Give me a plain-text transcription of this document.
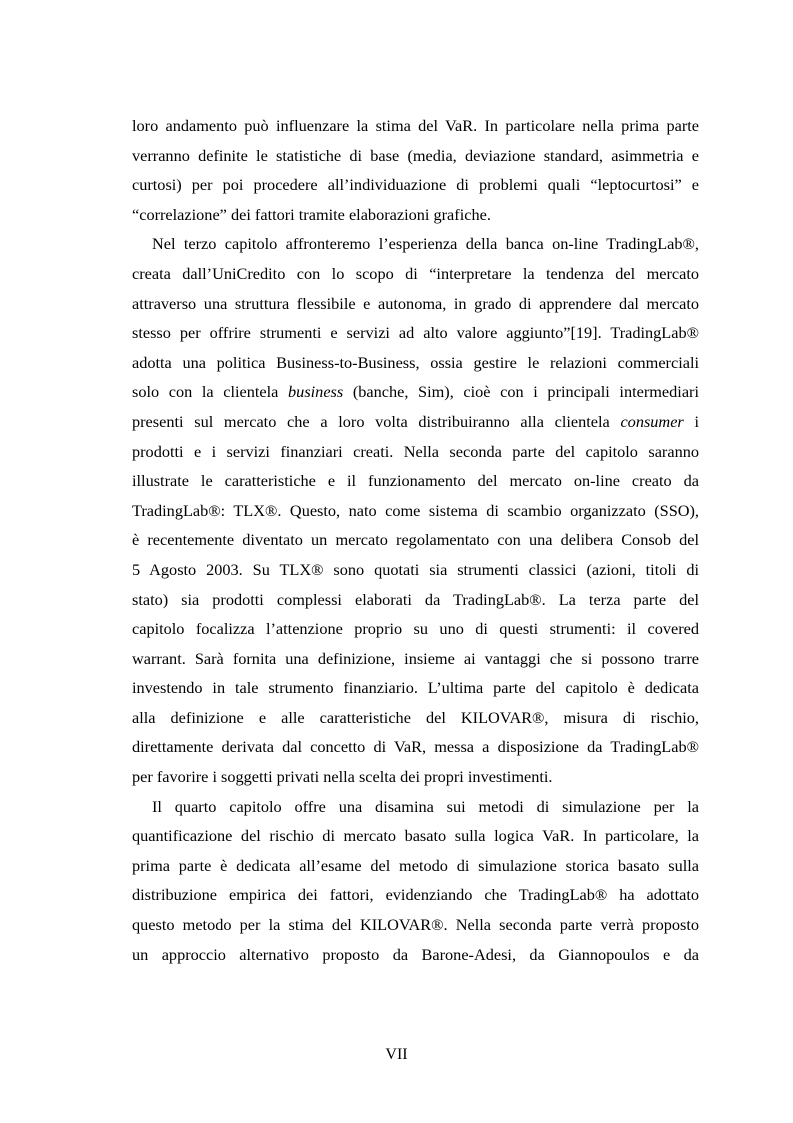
loro andamento può influenzare la stima del VaR. In particolare nella prima parte
verranno definite le statistiche di base (media, deviazione standard, asimmetria e
curtosi) per poi procedere all’individuazione di problemi quali “leptocurtosi” e
“correlazione” dei fattori tramite elaborazioni grafiche.

Nel terzo capitolo affronteremo l’esperienza della banca on-line TradingLab®,
creata dall’UniCredito con lo scopo di “interpretare la tendenza del mercato
attraverso una struttura flessibile e autonoma, in grado di apprendere dal mercato
stesso per offrire strumenti e servizi ad alto valore aggiunto”[19]. TradingLab®
adotta una politica Business-to-Business, ossia gestire le relazioni commerciali
solo con la clientela business (banche, Sim), cioè con i principali intermediari
presenti sul mercato che a loro volta distribuiranno alla clientela consumer i
prodotti e i servizi finanziari creati. Nella seconda parte del capitolo saranno
illustrate le caratteristiche e il funzionamento del mercato on-line creato da
TradingLab®: TLX®. Questo, nato come sistema di scambio organizzato (SSO),
è recentemente diventato un mercato regolamentato con una delibera Consob del
5 Agosto 2003. Su TLX® sono quotati sia strumenti classici (azioni, titoli di
stato) sia prodotti complessi elaborati da TradingLab®. La terza parte del
capitolo focalizza l’attenzione proprio su uno di questi strumenti: il covered
warrant. Sarà fornita una definizione, insieme ai vantaggi che si possono trarre
investendo in tale strumento finanziario. L’ultima parte del capitolo è dedicata
alla definizione e alle caratteristiche del KILOVAR®, misura di rischio,
direttamente derivata dal concetto di VaR, messa a disposizione da TradingLab®
per favorire i soggetti privati nella scelta dei propri investimenti.

Il quarto capitolo offre una disamina sui metodi di simulazione per la
quantificazione del rischio di mercato basato sulla logica VaR. In particolare, la
prima parte è dedicata all’esame del metodo di simulazione storica basato sulla
distribuzione empirica dei fattori, evidenziando che TradingLab® ha adottato
questo metodo per la stima del KILOVAR®. Nella seconda parte verrà proposto
un approccio alternativo proposto da Barone-Adesi, da Giannopoulos e da

VII
